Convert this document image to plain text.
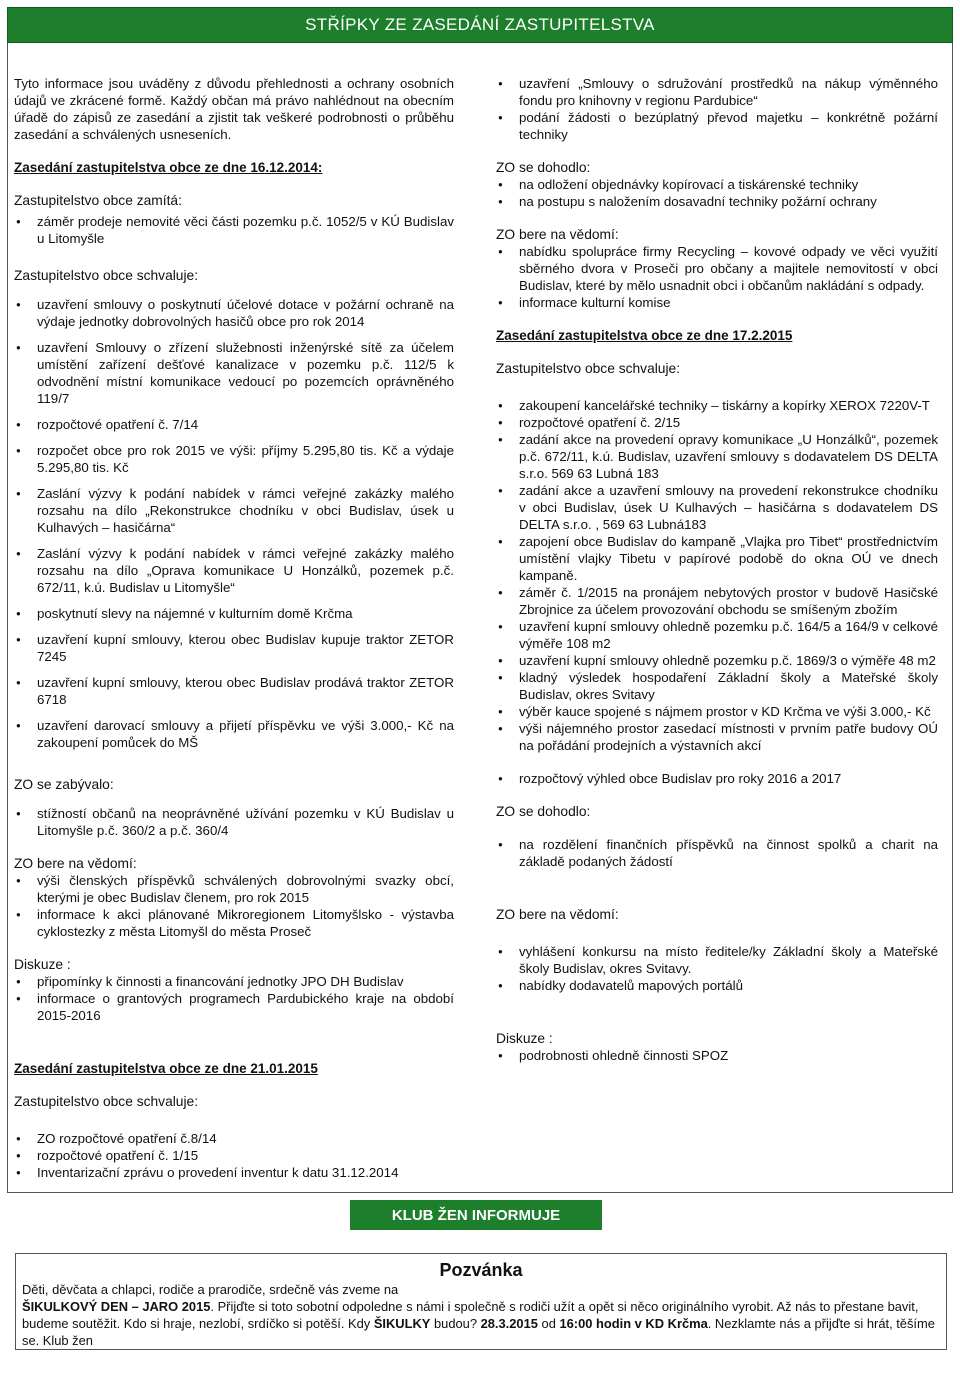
STŘÍPKY ZE ZASEDÁNÍ ZASTUPITELSTVA

Tyto informace jsou uváděny z důvodu přehlednosti a ochrany osobních údajů ve zkrácené formě. Každý občan má právo nahlédnout na obecním úřadě do zápisů ze zasedání a zjistit tak veškeré podrobnosti o průběhu zasedání a schválených usneseních.

Zasedání zastupitelstva obce ze dne 16.12.2014:

Zastupitelstvo obce zamítá:

● záměr prodeje nemovité věci části pozemku p.č. 1052/5 v KÚ Budislav u Litomyšle

Zastupitelstvo obce schvaluje:

● uzavření smlouvy o poskytnutí účelové dotace v požární ochraně na výdaje jednotky dobrovolných hasičů obce pro rok 2014
● uzavření Smlouvy o zřízení služebnosti inženýrské sítě za účelem umístění zařízení dešťové kanalizace v pozemku p.č. 112/5 k odvodnění místní komunikace vedoucí po pozemcích oprávněného 119/7
● rozpočtové opatření č. 7/14
● rozpočet obce pro rok 2015 ve výši: příjmy 5.295,80 tis. Kč a výdaje 5.295,80 tis. Kč
● Zaslání výzvy k podání nabídek v rámci veřejné zakázky malého rozsahu na dílo „Rekonstrukce chodníku v obci Budislav, úsek u Kulhavých – hasičárna“
● Zaslání výzvy k podání nabídek v rámci veřejné zakázky malého rozsahu na dílo „Oprava komunikace U Honzálků, pozemek p.č. 672/11, k.ú. Budislav u Litomyšle“
● poskytnutí slevy na nájemné v kulturním domě Krčma
● uzavření kupní smlouvy, kterou obec Budislav kupuje traktor ZETOR 7245
● uzavření kupní smlouvy, kterou obec Budislav prodává traktor ZETOR 6718
● uzavření darovací smlouvy a přijetí příspěvku ve výši 3.000,- Kč na zakoupení pomůcek do MŠ

ZO se zabývalo:

● stížností občanů na neoprávněné užívání pozemku v KÚ Budislav u Litomyšle p.č. 360/2 a p.č. 360/4

ZO bere na vědomí:

● výši členských příspěvků schválených dobrovolnými svazky obcí, kterými je obec Budislav členem, pro rok 2015
● informace k akci plánované Mikroregionem Litomyšlsko - výstavba cyklostezky z města Litomyšl do města Proseč

Diskuze :

● připomínky k činnosti a financování jednotky JPO DH Budislav
● informace o grantových programech Pardubického kraje na období 2015-2016

Zasedání zastupitelstva obce ze dne 21.01.2015

Zastupitelstvo obce schvaluje:

● ZO rozpočtové opatření č.8/14
● rozpočtové opatření č. 1/15
● Inventarizační zprávu o provedení inventur k datu 31.12.2014
● uzavření „Smlouvy o sdružování prostředků na nákup výměnného fondu pro knihovny v regionu Pardubice“
● podání žádosti o bezúplatný převod majetku – konkrétně požární techniky

ZO se dohodlo:

● na odložení objednávky kopírovací a tiskárenské techniky
● na postupu s naložením dosavadní techniky požární ochrany

ZO bere na vědomí:

● nabídku spolupráce firmy Recycling – kovové odpady ve věci využití sběrného dvora v Proseči pro občany a majitele nemovitostí v obci Budislav, které by mělo usnadnit obci i občanům nakládání s odpady.
● informace kulturní komise

Zasedání zastupitelstva obce ze dne 17.2.2015

Zastupitelstvo obce schvaluje:

● zakoupení kancelářské techniky – tiskárny a kopírky XEROX 7220V-T
● rozpočtové opatření č. 2/15
● zadání akce na provedení opravy komunikace „U Honzálků“, pozemek p.č. 672/11, k.ú. Budislav, uzavření smlouvy s dodavatelem DS DELTA s.r.o. 569 63 Lubná 183
● zadání akce a uzavření smlouvy na provedení rekonstrukce chodníku v obci Budislav, úsek U Kulhavých – hasičárna s dodavatelem DS DELTA s.r.o. , 569 63 Lubná183
● zapojení obce Budislav do kampaně „Vlajka pro Tibet“ prostřednictvím umístění vlajky Tibetu v papírové podobě do okna OÚ ve dnech kampaně.
● záměr č. 1/2015 na pronájem nebytových prostor v budově Hasičské Zbrojnice za účelem provozování obchodu se smíšeným zbožím
● uzavření kupní smlouvy ohledně pozemku p.č. 164/5 a 164/9 v celkové výměře 108 m2
● uzavření kupní smlouvy ohledně pozemku p.č. 1869/3 o výměře 48 m2
● kladný výsledek hospodaření Základní školy a Mateřské školy Budislav, okres Svitavy
● výběr kauce spojené s nájmem prostor v KD Krčma ve výši 3.000,- Kč
● výši nájemného prostor zasedací místnosti v prvním patře budovy OÚ na pořádání prodejních a výstavních akcí
● rozpočtový výhled obce Budislav pro roky 2016 a 2017

ZO se dohodlo:

● na rozdělení finančních příspěvků na činnost spolků a charit na základě podaných žádostí

ZO bere na vědomí:

● vyhlášení konkursu na místo ředitele/ky Základní školy a Mateřské školy Budislav, okres Svitavy.
● nabídky dodavatelů mapových portálů

Diskuze :

● podrobnosti ohledně činnosti SPOZ
KLUB ŽEN INFORMUJE

Pozvánka

Děti, děvčata a chlapci, rodiče a prarodiče, srdečně vás zveme na
ŠIKULKOVÝ DEN – JARO 2015. Přijďte si toto sobotní odpoledne s námi i společně s rodiči užít a opět si něco originálního vyrobit. Až nás to přestane bavit, budeme soutěžit. Kdo si hraje, nezlobí, srdíčko si potěší. Kdy ŠIKULKY budou? 28.3.2015 od 16:00 hodin v KD Krčma. Nezklamte nás a přijďte si hrát, těšíme se. Klub žen
